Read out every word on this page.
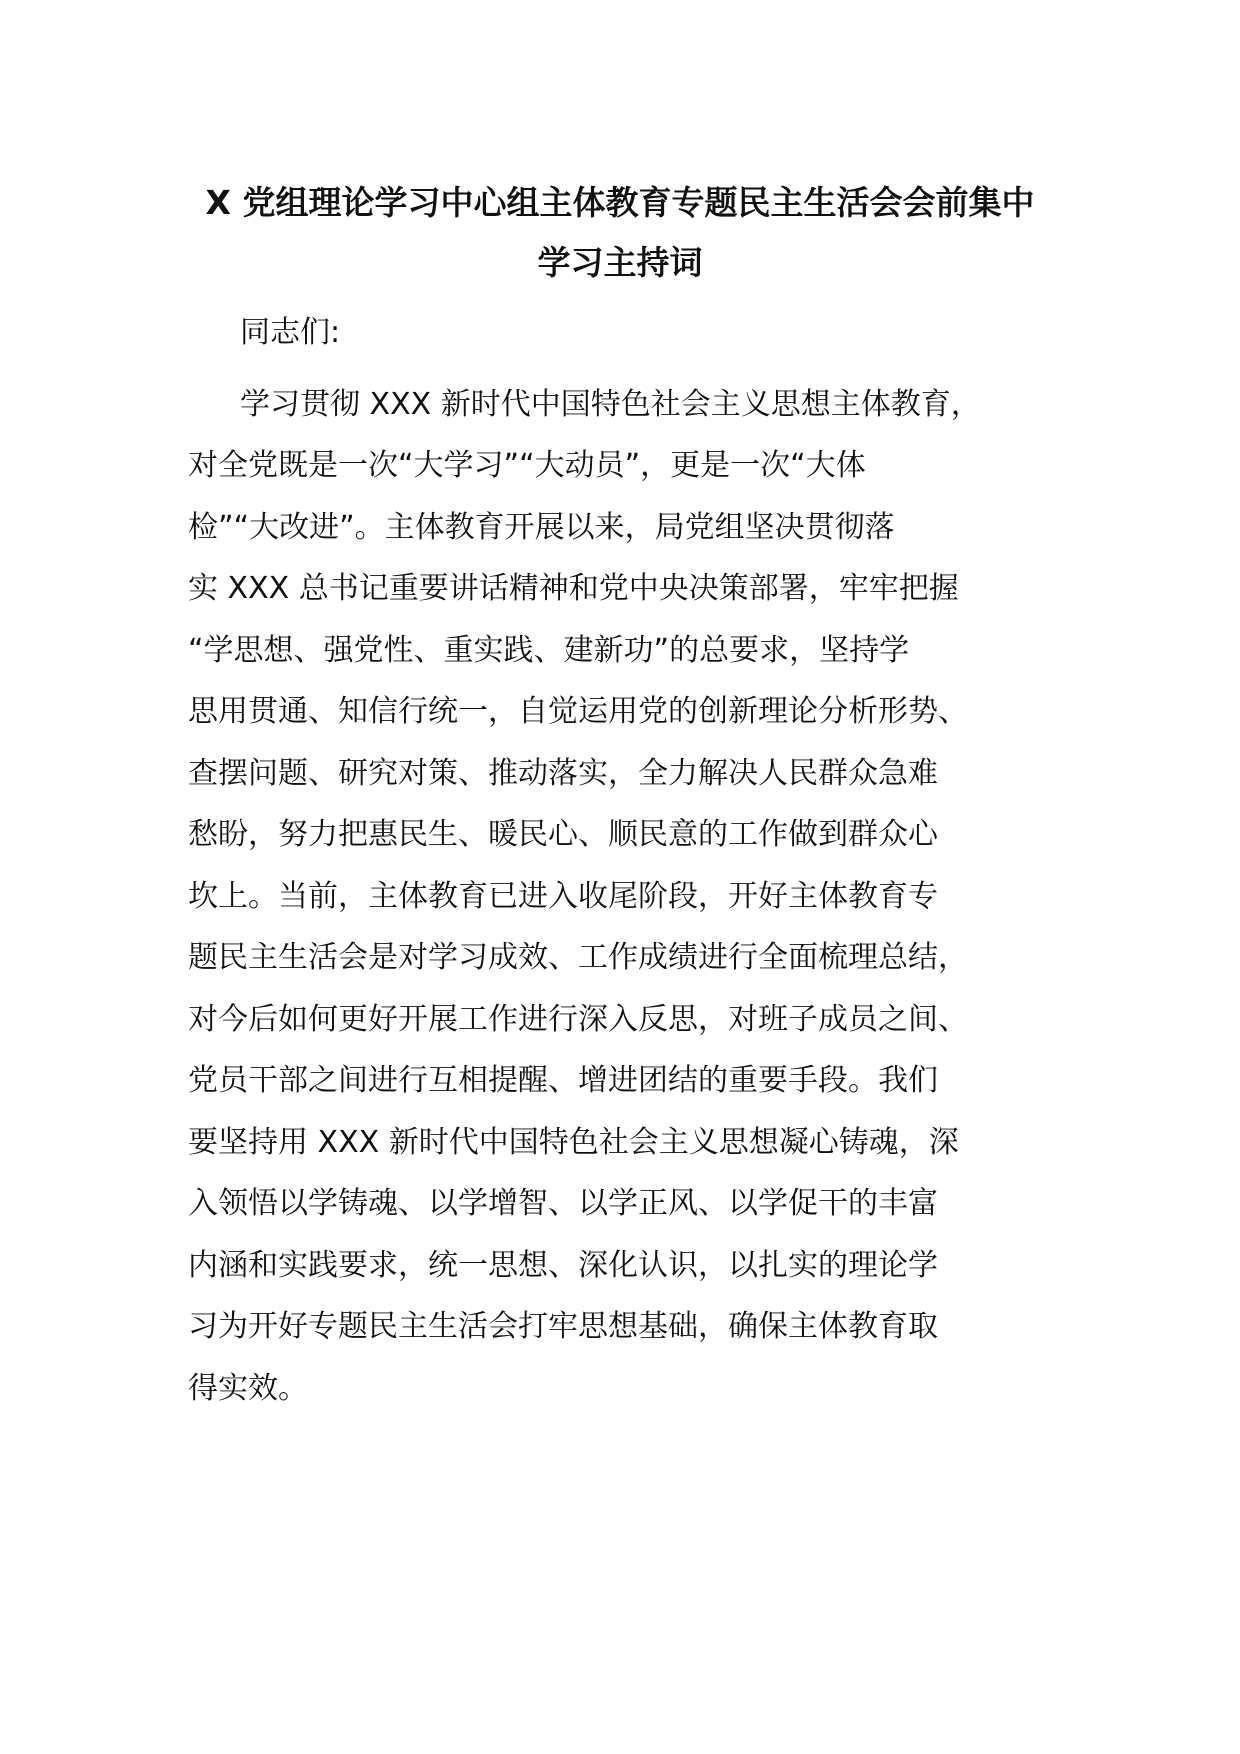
X 党组理论学习中心组主体教育专题民主生活会会前集中
学习主持词

同志们:

学习贯彻 XXX 新时代中国特色社会主义思想主体教育，

对全党既是一次“大学习”“大动员”，更是一次“大体

检”“大改进”。主体教育开展以来，局党组坚决贯彻落

实 XXX 总书记重要讲话精神和党中央决策部署，牢牢把握

“学思想、强党性、重实践、建新功”的总要求，坚持学

思用贯通、知信行统一，自觉运用党的创新理论分析形势、

查摆问题、研究对策、推动落实，全力解决人民群众急难

愁盼，努力把惠民生、暖民心、顺民意的工作做到群众心

坎上。当前，主体教育已进入收尾阶段，开好主体教育专

题民主生活会是对学习成效、工作成绩进行全面梳理总结，

对今后如何更好开展工作进行深入反思，对班子成员之间、

党员干部之间进行互相提醒、增进团结的重要手段。我们

要坚持用 XXX 新时代中国特色社会主义思想凝心铸魂，深

入领悟以学铸魂、以学增智、以学正风、以学促干的丰富

内涵和实践要求，统一思想、深化认识，以扎实的理论学

习为开好专题民主生活会打牢思想基础，确保主体教育取

得实效。
